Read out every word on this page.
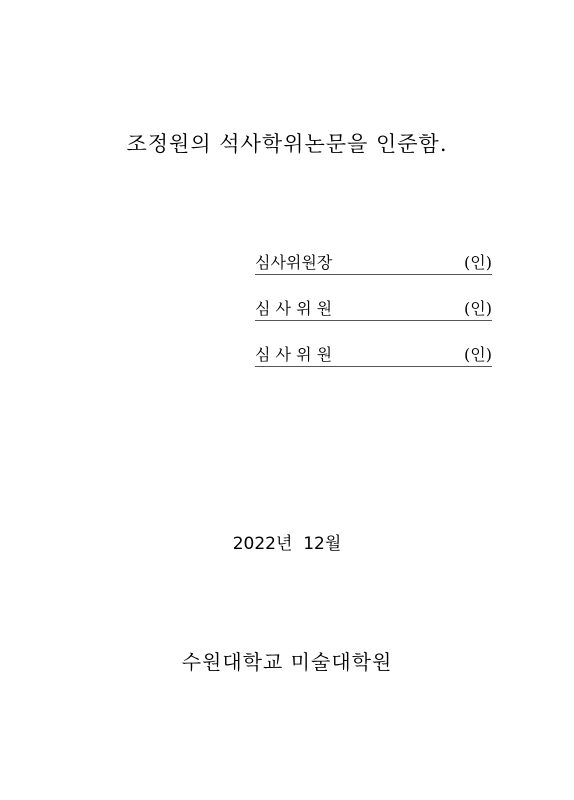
조정원의 석사학위논문을 인준함.
심사위원장	(인)
심 사 위 원	(인)
심 사 위 원	(인)
2022년  12월
수원대학교 미술대학원
